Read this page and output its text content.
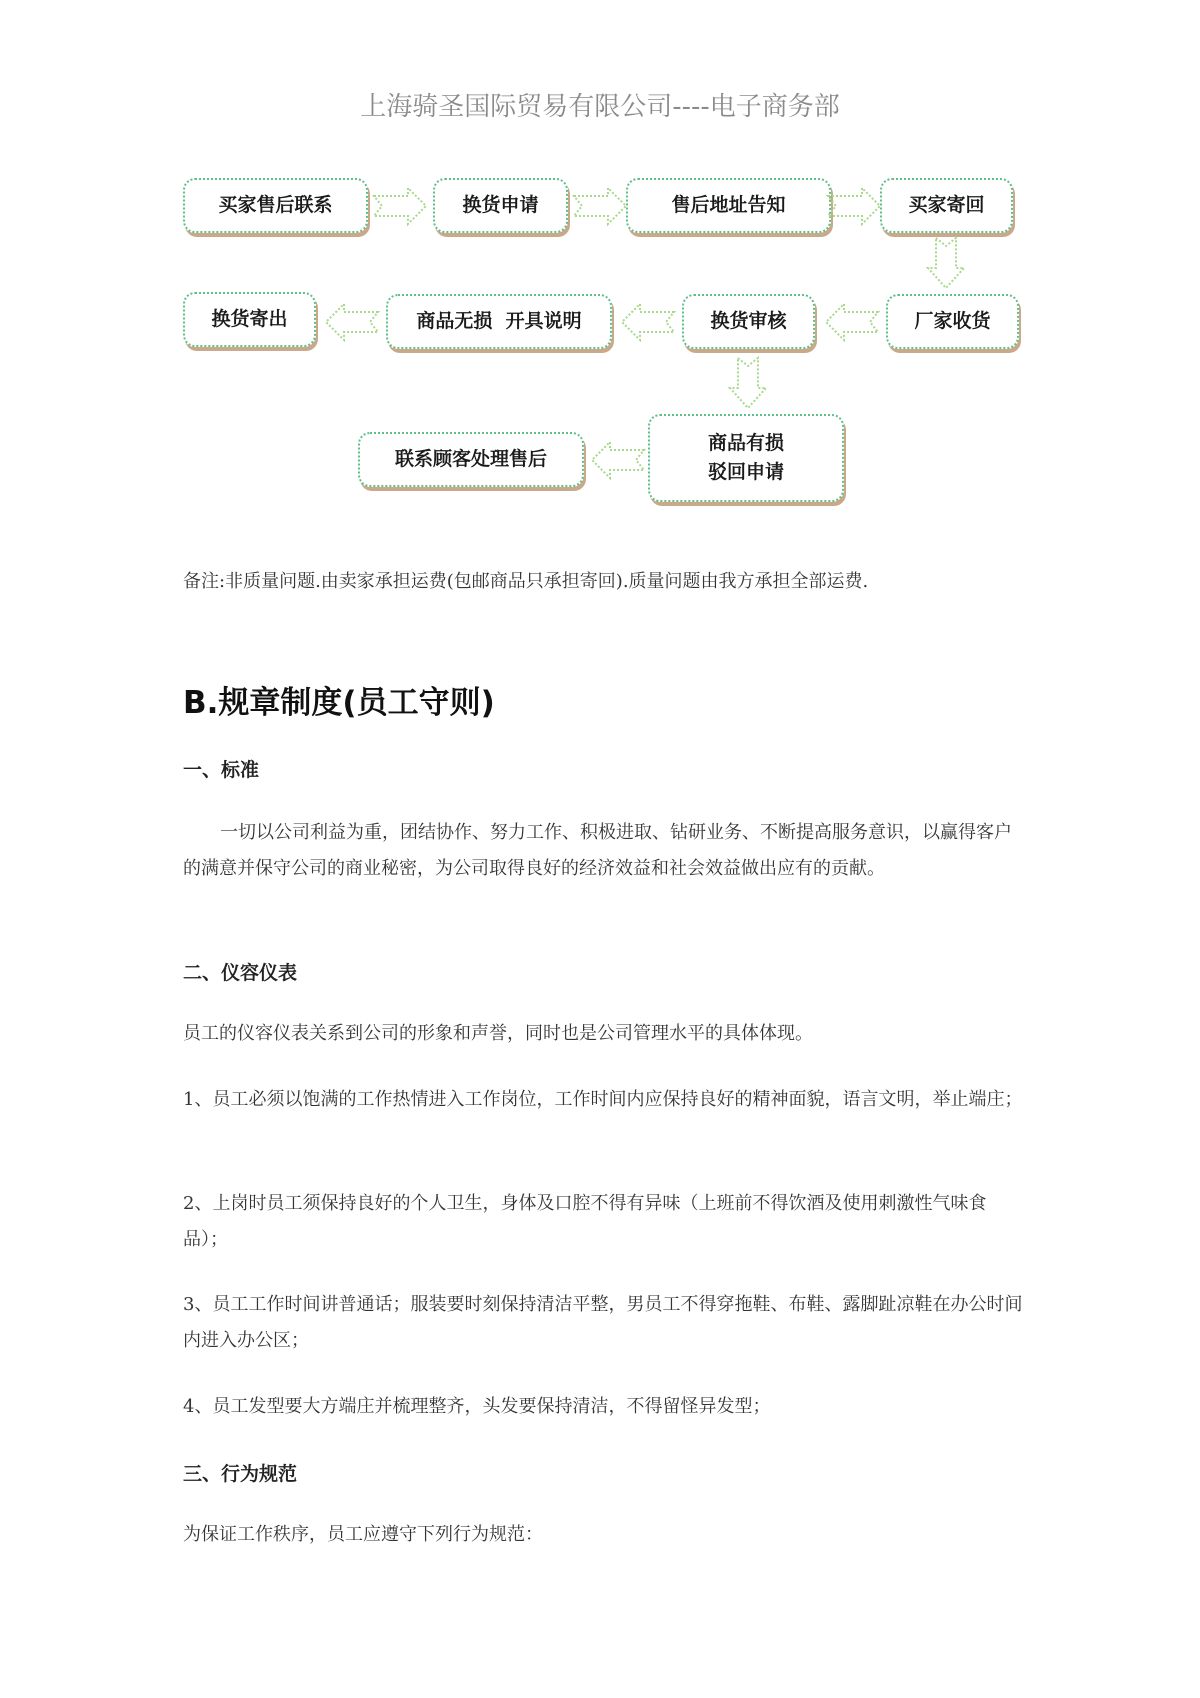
上海骑圣国际贸易有限公司----电子商务部
买家售后联系	换货申请	售后地址告知	买家寄回
厂家收货
换货审核
商品无损  开具说明
换货寄出
商品有损
驳回申请
联系顾客处理售后
备注:非质量问题.由卖家承担运费(包邮商品只承担寄回).质量问题由我方承担全部运费.
B.规章制度(员工守则)
一、标准
一切以公司利益为重，团结协作、努力工作、积极进取、钻研业务、不断提高服务意识，以赢得客户的满意并保守公司的商业秘密，为公司取得良好的经济效益和社会效益做出应有的贡献。
二、仪容仪表
员工的仪容仪表关系到公司的形象和声誉，同时也是公司管理水平的具体体现。
1、员工必须以饱满的工作热情进入工作岗位，工作时间内应保持良好的精神面貌，语言文明，举止端庄；
2、上岗时员工须保持良好的个人卫生，身体及口腔不得有异味（上班前不得饮酒及使用刺激性气味食品）；
3、员工工作时间讲普通话；服装要时刻保持清洁平整，男员工不得穿拖鞋、布鞋、露脚趾凉鞋在办公时间内进入办公区；
4、员工发型要大方端庄并梳理整齐，头发要保持清洁，不得留怪异发型；
三、行为规范
为保证工作秩序，员工应遵守下列行为规范：
